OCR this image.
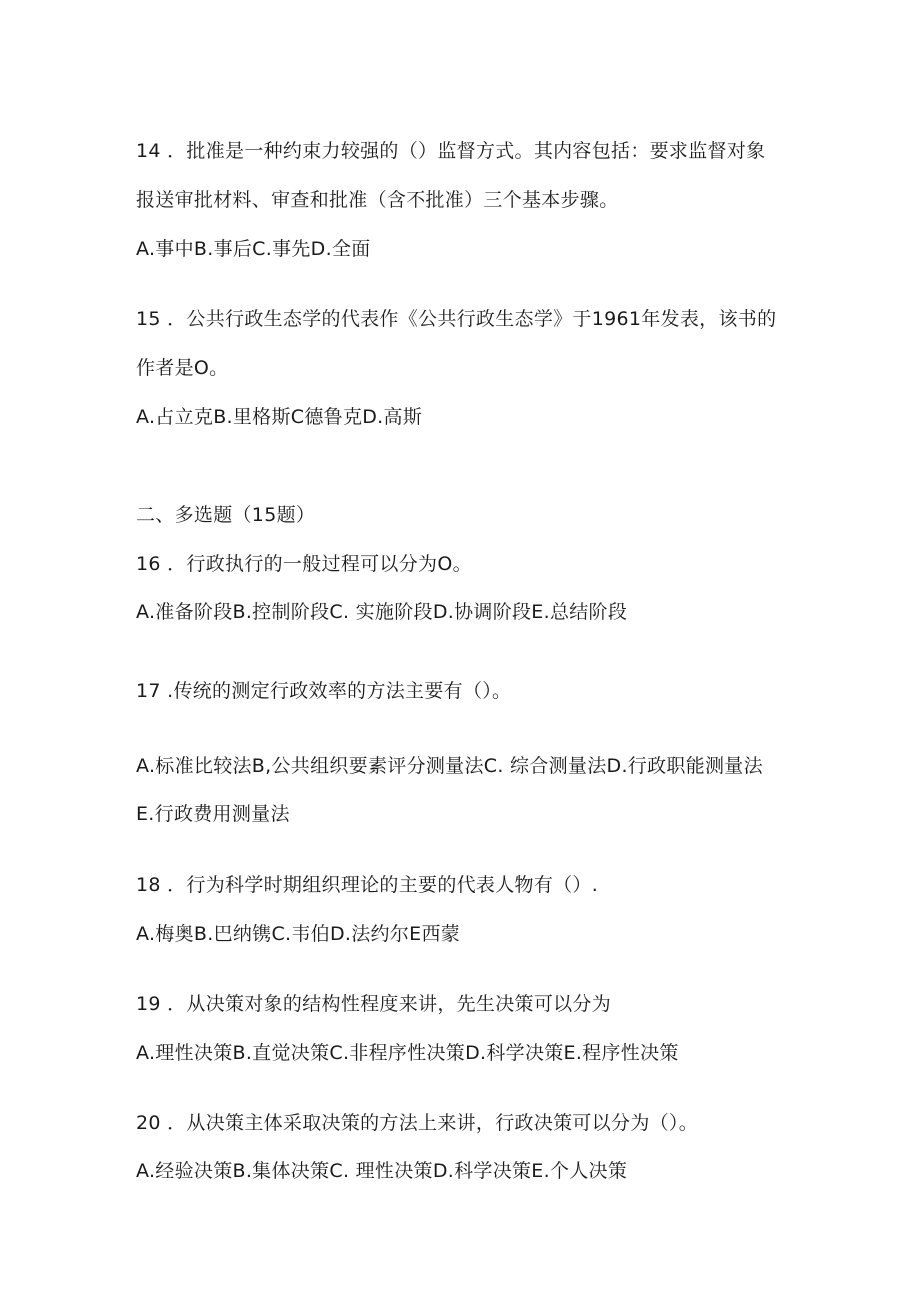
14 ．批准是一种约束力较强的（）监督方式。其内容包括：要求监督对象
报送审批材料、审查和批准（含不批准）三个基本步骤。
A.事中B.事后C.事先D.全面
15 ．公共行政生态学的代表作《公共行政生态学》于1961年发表，该书的
作者是O。
A.占立克B.里格斯C德鲁克D.高斯
二、多选题（15题）
16 ．行政执行的一般过程可以分为O。
A.准备阶段B.控制阶段C. 实施阶段D.协调阶段E.总结阶段
17 .传统的测定行政效率的方法主要有（）。
A.标准比较法B,公共组织要素评分测量法C. 综合测量法D.行政职能测量法
E.行政费用测量法
18 ．行为科学时期组织理论的主要的代表人物有（）.
A.梅奥B.巴纳镌C.韦伯D.法约尔E西蒙
19 ．从决策对象的结构性程度来讲，先生决策可以分为
A.理性决策B.直觉决策C.非程序性决策D.科学决策E.程序性决策
20 ．从决策主体采取决策的方法上来讲，行政决策可以分为（）。
A.经验决策B.集体决策C. 理性决策D.科学决策E.个人决策
